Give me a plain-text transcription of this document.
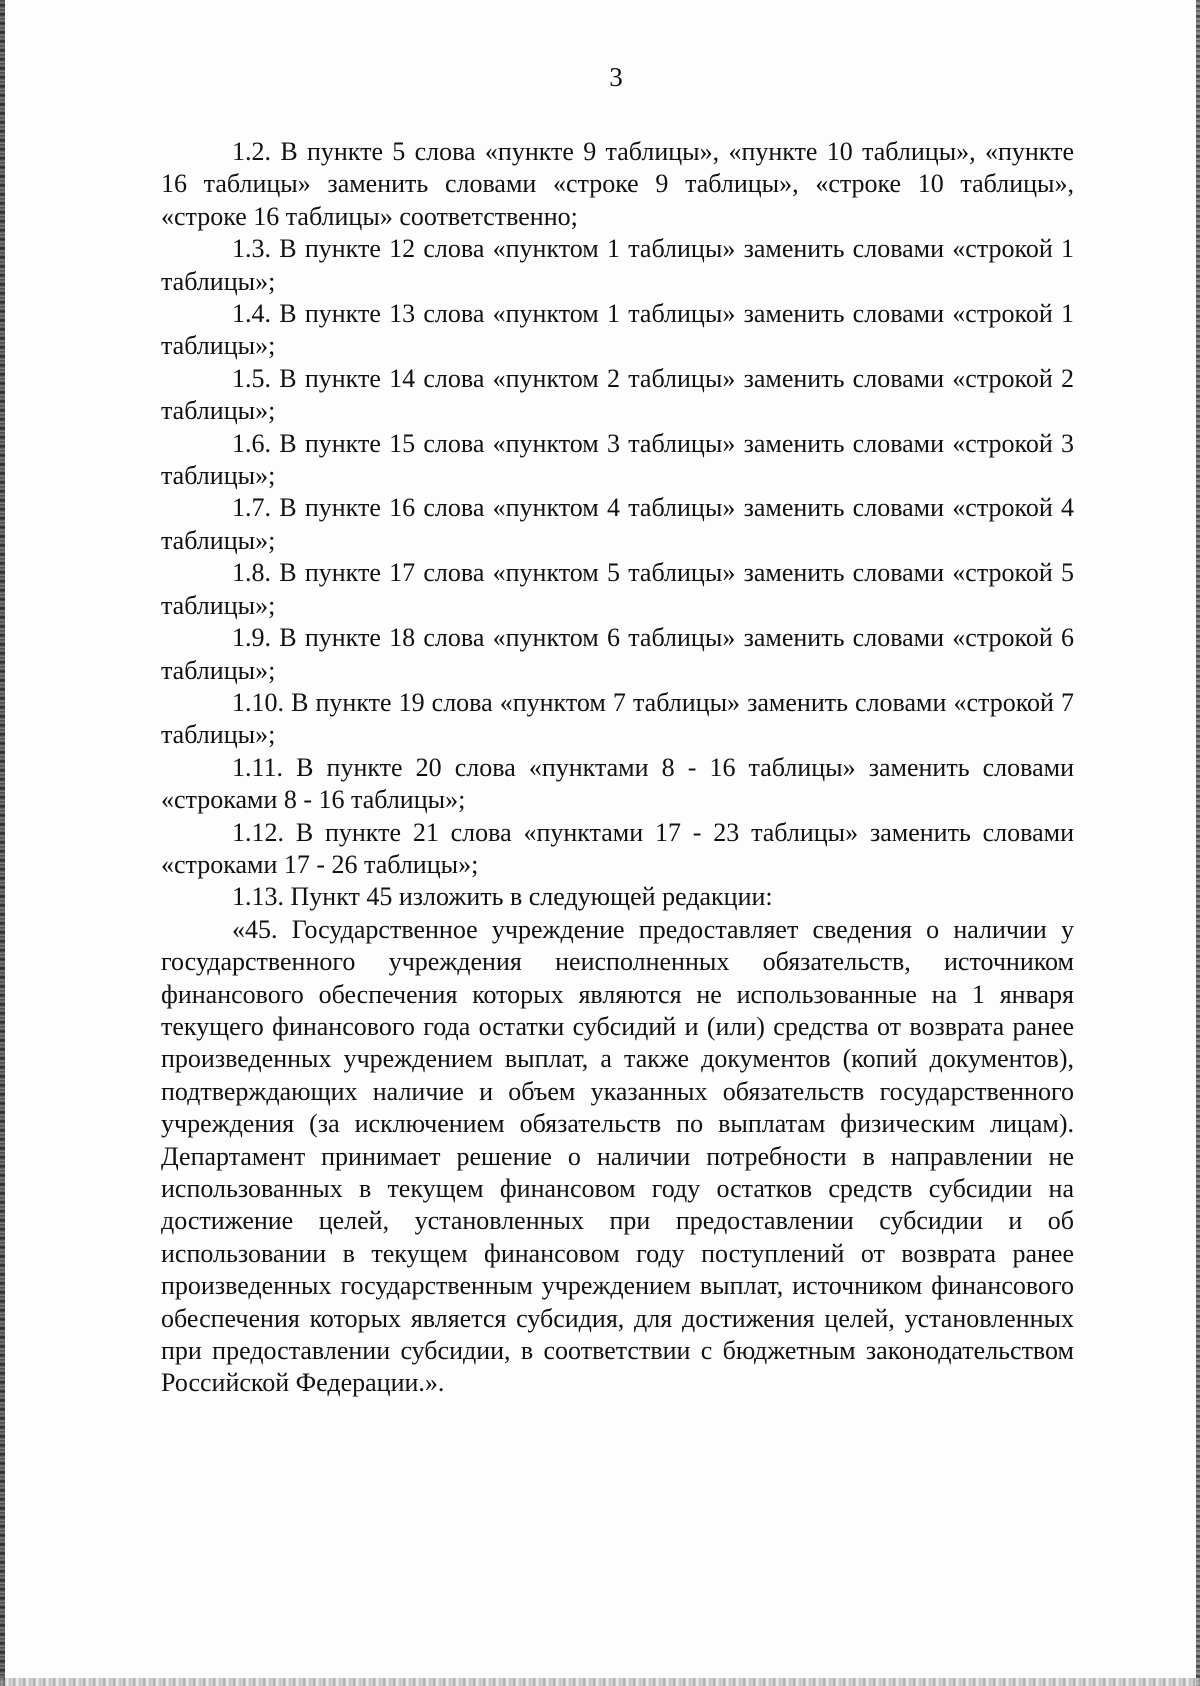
3

1.2. В пункте 5 слова «пункте 9 таблицы», «пункте 10 таблицы», «пункте 16 таблицы» заменить словами «строке 9 таблицы», «строке 10 таблицы», «строке 16 таблицы» соответственно;

1.3. В пункте 12 слова «пунктом 1 таблицы» заменить словами «строкой 1 таблицы»;

1.4. В пункте 13 слова «пунктом 1 таблицы» заменить словами «строкой 1 таблицы»;

1.5. В пункте 14 слова «пунктом 2 таблицы» заменить словами «строкой 2 таблицы»;

1.6. В пункте 15 слова «пунктом 3 таблицы» заменить словами «строкой 3 таблицы»;

1.7. В пункте 16 слова «пунктом 4 таблицы» заменить словами «строкой 4 таблицы»;

1.8. В пункте 17 слова «пунктом 5 таблицы» заменить словами «строкой 5 таблицы»;

1.9. В пункте 18 слова «пунктом 6 таблицы» заменить словами «строкой 6 таблицы»;

1.10. В пункте 19 слова «пунктом 7 таблицы» заменить словами «строкой 7 таблицы»;

1.11. В пункте 20 слова «пунктами 8 - 16 таблицы» заменить словами «строками 8 - 16 таблицы»;

1.12. В пункте 21 слова «пунктами 17 - 23 таблицы» заменить словами «строками 17 - 26 таблицы»;

1.13. Пункт 45 изложить в следующей редакции:

«45. Государственное учреждение предоставляет сведения о наличии у государственного учреждения неисполненных обязательств, источником финансового обеспечения которых являются не использованные на 1 января текущего финансового года остатки субсидий и (или) средства от возврата ранее произведенных учреждением выплат, а также документов (копий документов), подтверждающих наличие и объем указанных обязательств государственного учреждения (за исключением обязательств по выплатам физическим лицам). Департамент принимает решение о наличии потребности в направлении не использованных в текущем финансовом году остатков средств субсидии на достижение целей, установленных при предоставлении субсидии и об использовании в текущем финансовом году поступлений от возврата ранее произведенных государственным учреждением выплат, источником финансового обеспечения которых является субсидия, для достижения целей, установленных при предоставлении субсидии, в соответствии с бюджетным законодательством Российской Федерации.».
